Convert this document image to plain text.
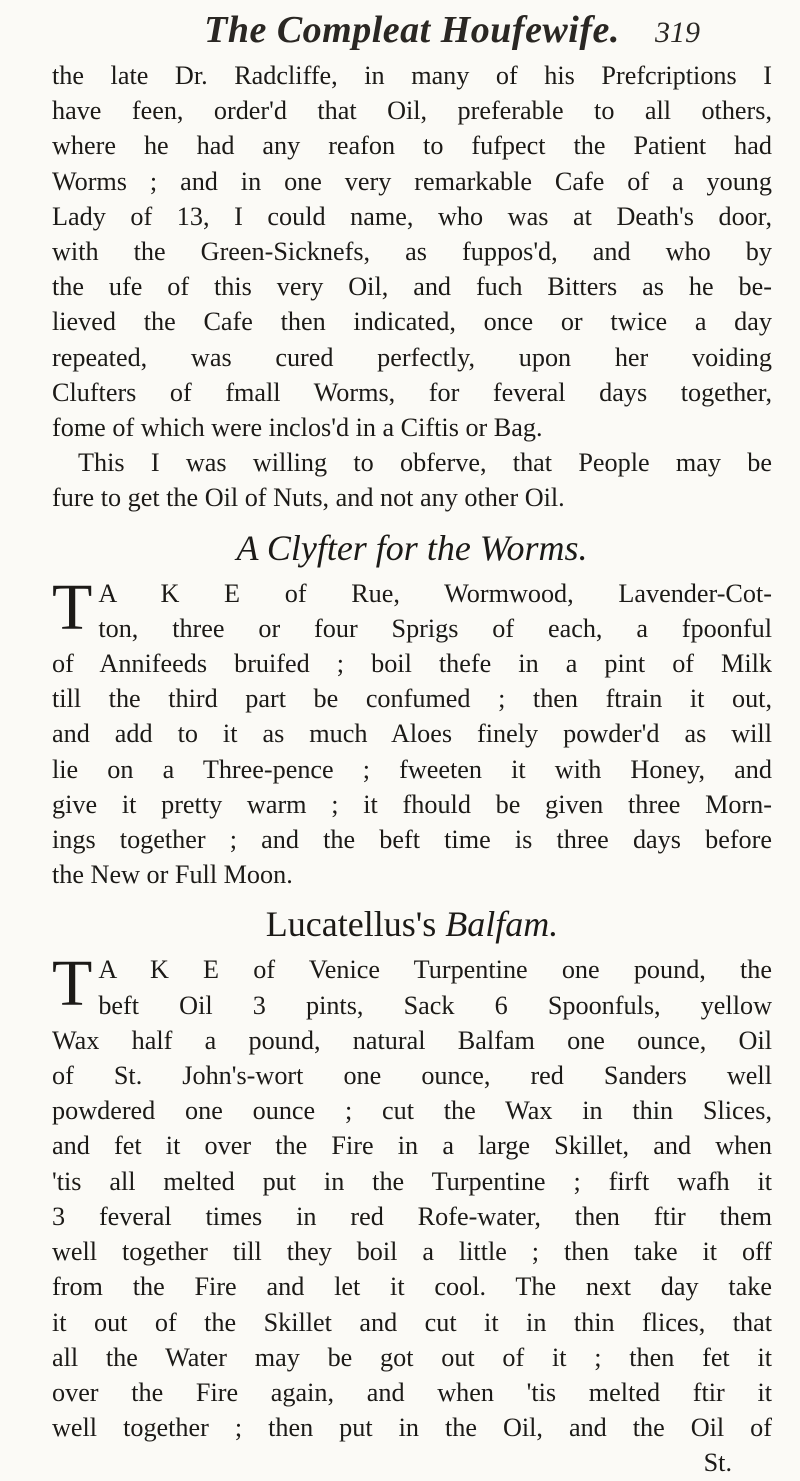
The Compleat Houfewife. 319
the late Dr. Radcliffe, in many of his Prefcriptions I
have feen, order'd that Oil, preferable to all others,
where he had any reafon to fufpect the Patient had
Worms ; and in one very remarkable Cafe of a young
Lady of 13, I could name, who was at Death's door,
with the Green-Sicknefs, as fuppos'd, and who by
the ufe of this very Oil, and fuch Bitters as he be-
lieved the Cafe then indicated, once or twice a day
repeated, was cured perfectly, upon her voiding
Clufters of fmall Worms, for feveral days together,
fome of which were inclos'd in a Ciftis or Bag.
This I was willing to obferve, that People may be
fure to get the Oil of Nuts, and not any other Oil.
A Clyfter for the Worms.
T A K E of Rue, Wormwood, Lavender-Cot-
ton, three or four Sprigs of each, a fpoonful
of Annifeeds bruifed ; boil thefe in a pint of Milk
till the third part be confumed ; then ftrain it out,
and add to it as much Aloes finely powder'd as will
lie on a Three-pence ; fweeten it with Honey, and
give it pretty warm ; it fhould be given three Morn-
ings together ; and the beft time is three days before
the New or Full Moon.
Lucatellus's Balfam.
T A K E of Venice Turpentine one pound, the
beft Oil 3 pints, Sack 6 Spoonfuls, yellow
Wax half a pound, natural Balfam one ounce, Oil
of St. John's-wort one ounce, red Sanders well
powdered one ounce ; cut the Wax in thin Slices,
and fet it over the Fire in a large Skillet, and when
'tis all melted put in the Turpentine ; firft wafh it
3 feveral times in red Rofe-water, then ftir them
well together till they boil a little ; then take it off
from the Fire and let it cool. The next day take
it out of the Skillet and cut it in thin flices, that
all the Water may be got out of it ; then fet it
over the Fire again, and when 'tis melted ftir it
well together ; then put in the Oil, and the Oil of
St.
